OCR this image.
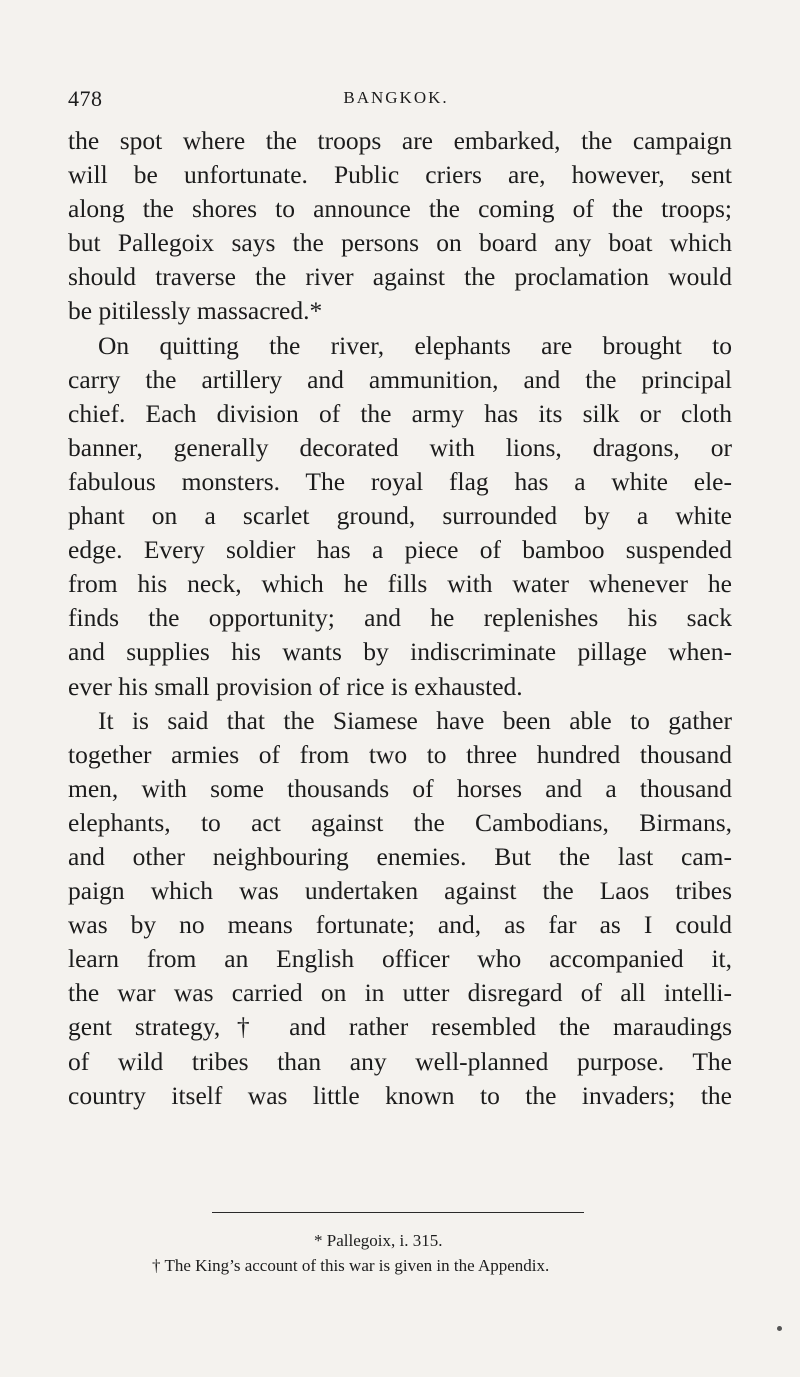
478	BANGKOK.
the spot where the troops are embarked, the campaign
will be unfortunate. Public criers are, however, sent
along the shores to announce the coming of the troops;
but Pallegoix says the persons on board any boat which
should traverse the river against the proclamation would
be pitilessly massacred.*
On quitting the river, elephants are brought to
carry the artillery and ammunition, and the principal
chief. Each division of the army has its silk or cloth
banner, generally decorated with lions, dragons, or
fabulous monsters. The royal flag has a white ele-
phant on a scarlet ground, surrounded by a white
edge. Every soldier has a piece of bamboo suspended
from his neck, which he fills with water whenever he
finds the opportunity; and he replenishes his sack
and supplies his wants by indiscriminate pillage when-
ever his small provision of rice is exhausted.
It is said that the Siamese have been able to gather
together armies of from two to three hundred thousand
men, with some thousands of horses and a thousand
elephants, to act against the Cambodians, Birmans,
and other neighbouring enemies. But the last cam-
paign which was undertaken against the Laos tribes
was by no means fortunate; and, as far as I could
learn from an English officer who accompanied it,
the war was carried on in utter disregard of all intelli-
gent strategy,† and rather resembled the maraudings
of wild tribes than any well-planned purpose. The
country itself was little known to the invaders; the
* Pallegoix, i. 315.
† The King’s account of this war is given in the Appendix.
